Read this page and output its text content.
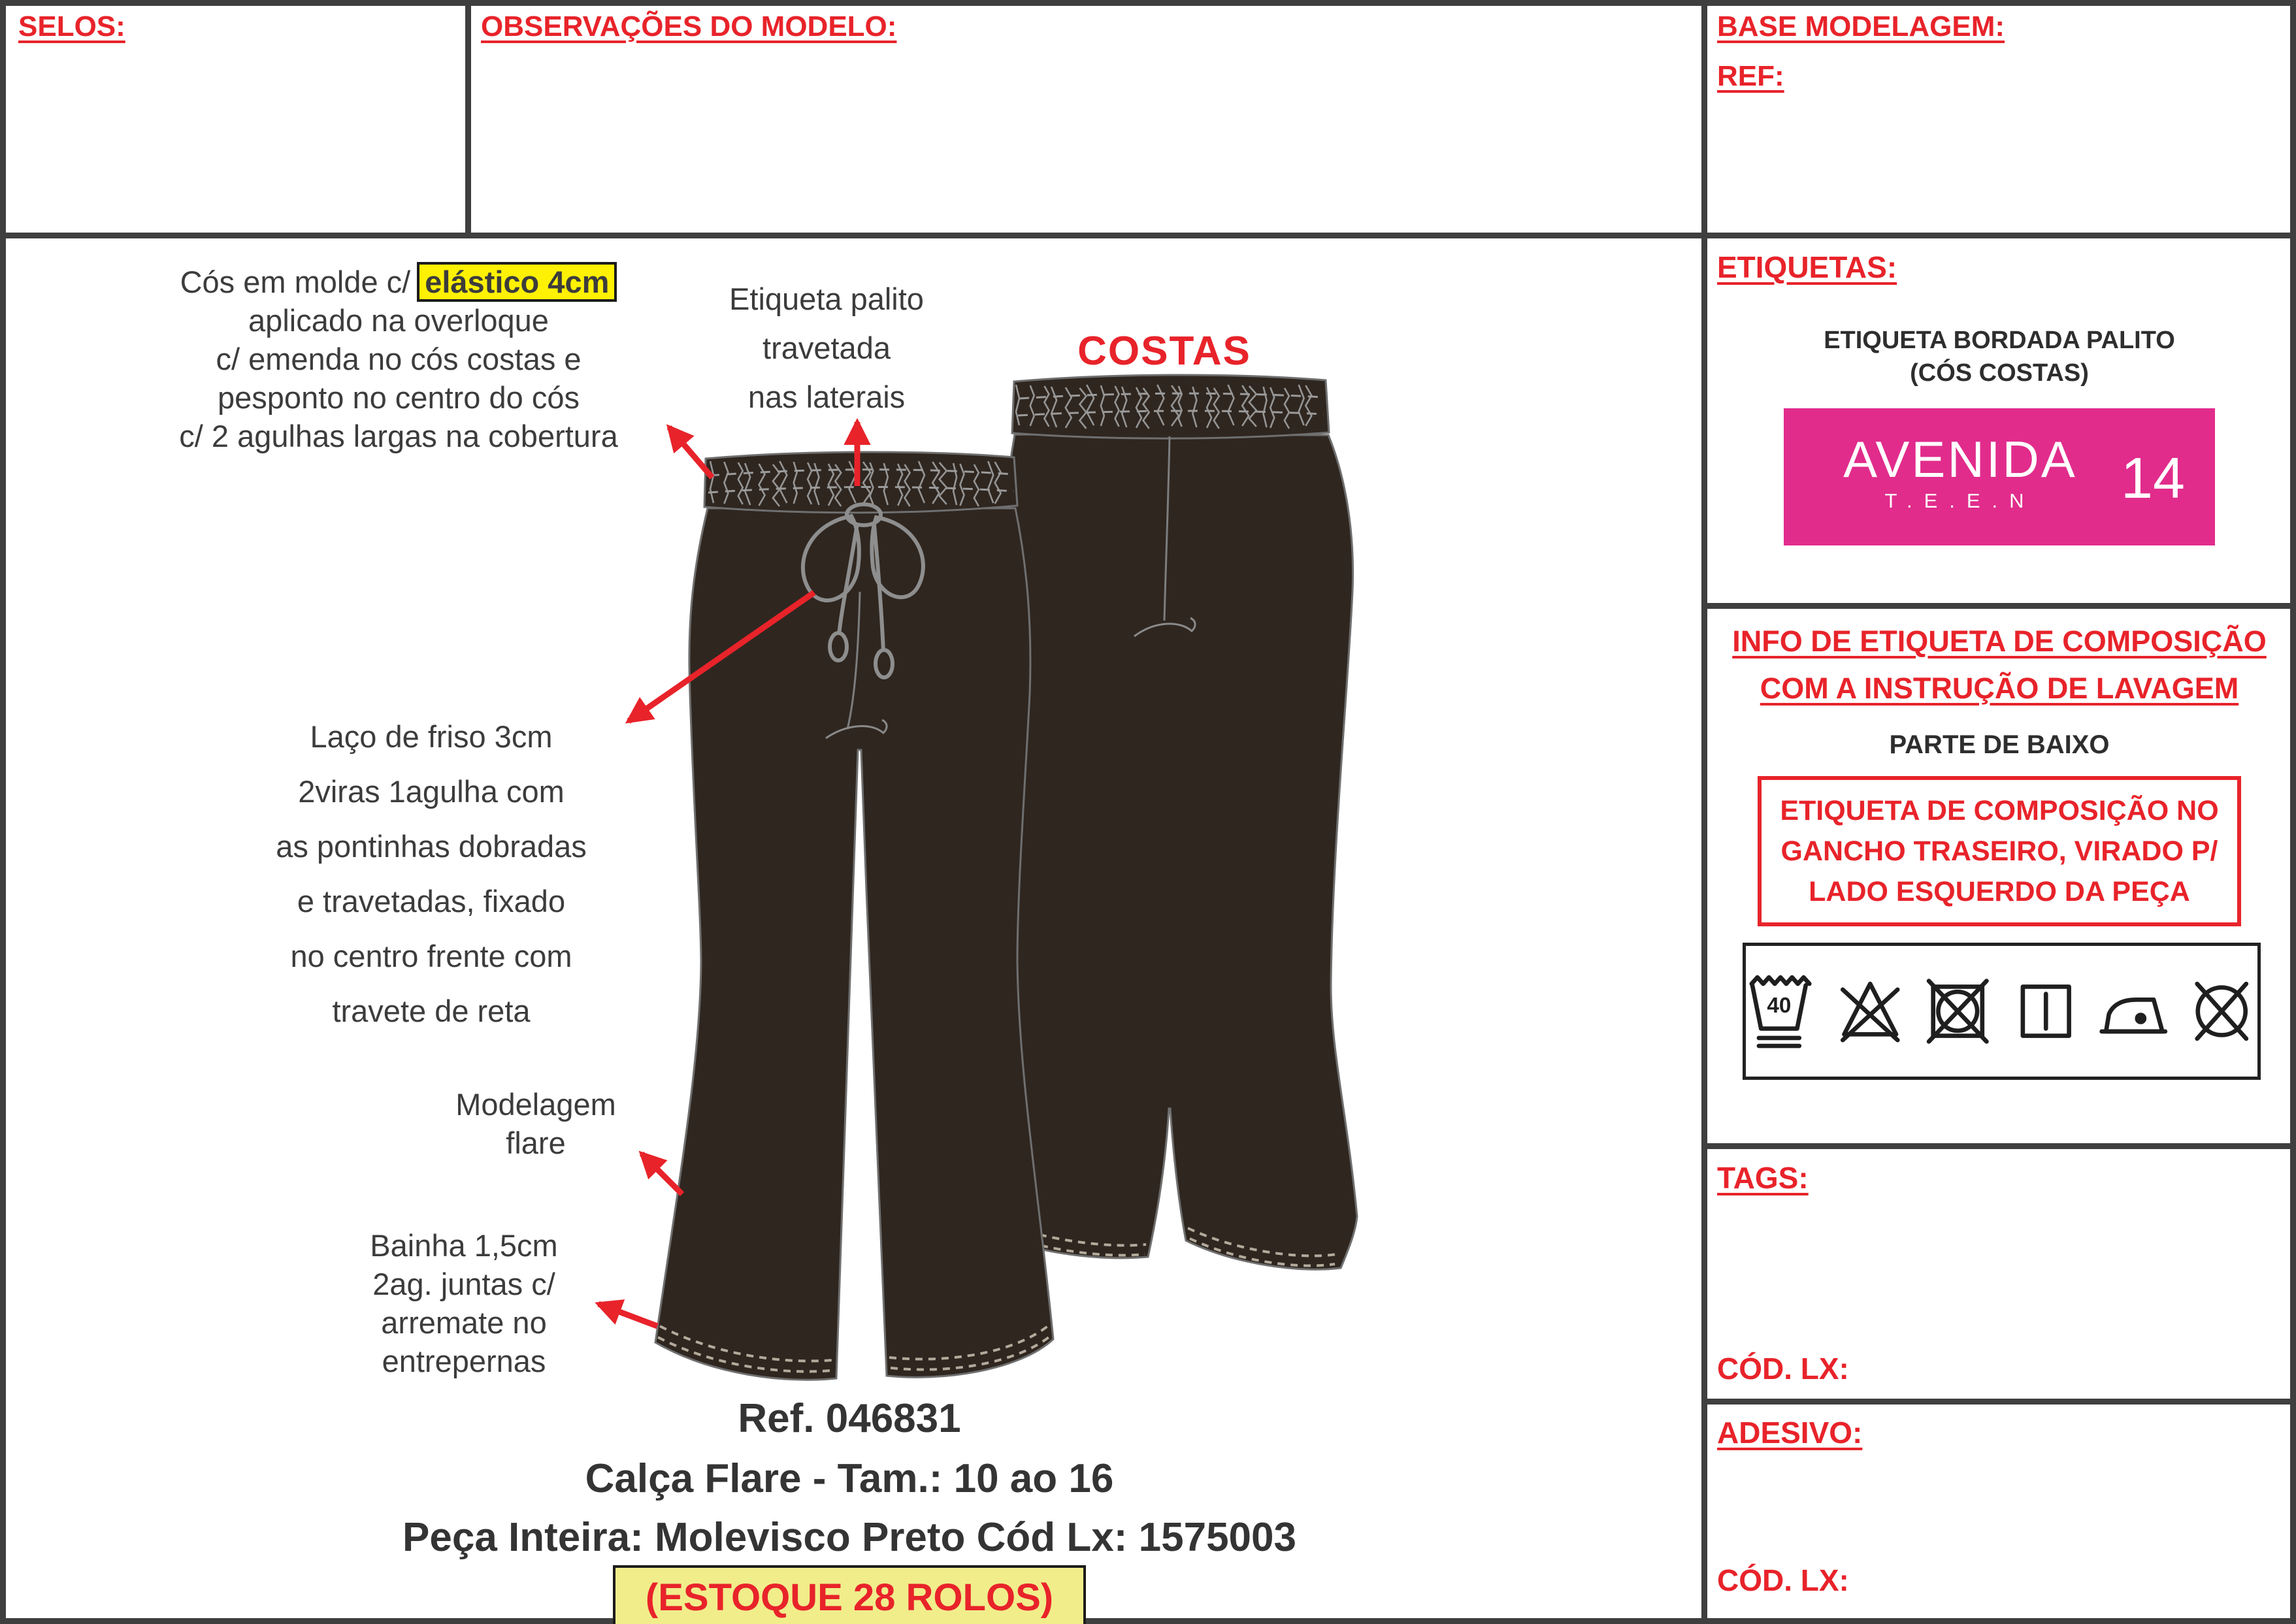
SELOS:	OBSERVAÇÕES DO MODELO:	BASE MODELAGEM:
REF:
Cós em molde c/ elástico 4cm
aplicado na overloque
c/ emenda no cós costas e
pesponto no centro do cós
c/ 2 agulhas largas na cobertura
Etiqueta palito
travetada
nas laterais
COSTAS
Laço de friso 3cm
2viras 1agulha com
as pontinhas dobradas
e travetadas, fixado
no centro frente com
travete de reta
Modelagem
flare
Bainha 1,5cm
2ag. juntas c/
arremate no
entrepernas
Ref. 046831
Calça Flare - Tam.: 10 ao 16
Peça Inteira: Molevisco Preto Cód Lx: 1575003
(ESTOQUE 28 ROLOS)
ETIQUETAS:
ETIQUETA BORDADA PALITO
(CÓS COSTAS)
AVENIDA
T.E.E.N	14
INFO DE ETIQUETA DE COMPOSIÇÃO
COM A INSTRUÇÃO DE LAVAGEM
PARTE DE BAIXO
ETIQUETA DE COMPOSIÇÃO NO
GANCHO TRASEIRO, VIRADO P/
LADO ESQUERDO DA PEÇA
40
TAGS:
CÓD. LX:
ADESIVO:
CÓD. LX:
